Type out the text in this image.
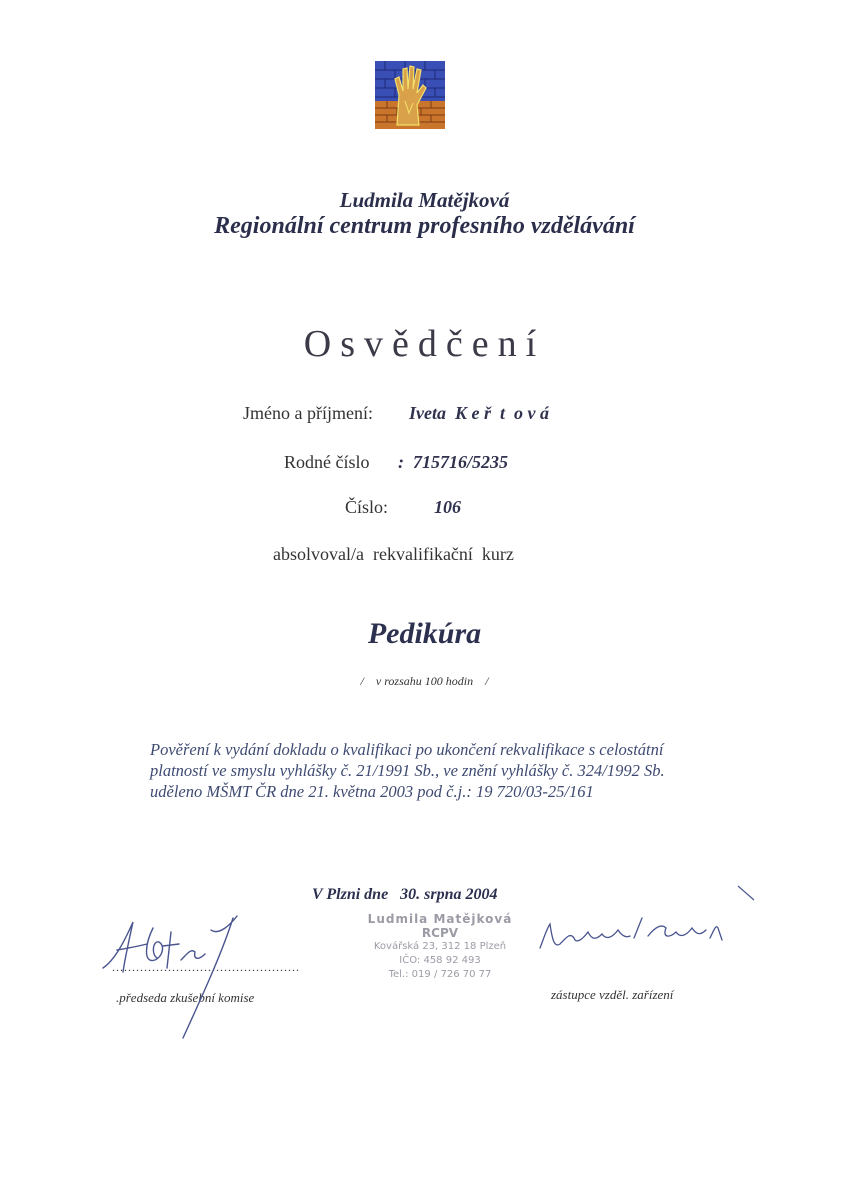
Ludmila Matějková
Regionální centrum profesního vzdělávání
Osvědčení
Jméno a příjmení: Iveta  K e ř  t  o v á
Rodné číslo :  715716/5235
Číslo:	106
absolvoval/a  rekvalifikační  kurz
Pedikúra
/    v rozsahu 100 hodin    /
Pověření k vydání dokladu o kvalifikaci po ukončení rekvalifikace s celostátní
platností ve smyslu vyhlášky č. 21/1991 Sb., ve znění vyhlášky č. 324/1992 Sb.
uděleno MŠMT ČR dne 21. května 2003 pod č.j.: 19 720/03-25/161
V Plzni dne   30. srpna 2004
...............................................
.předseda zkušební komise
Ludmila Matějková
RCPV
Kovářská 23, 312 18 Plzeň
IČO: 458 92 493
Tel.: 019 / 726 70 77
zástupce vzděl. zařízení
